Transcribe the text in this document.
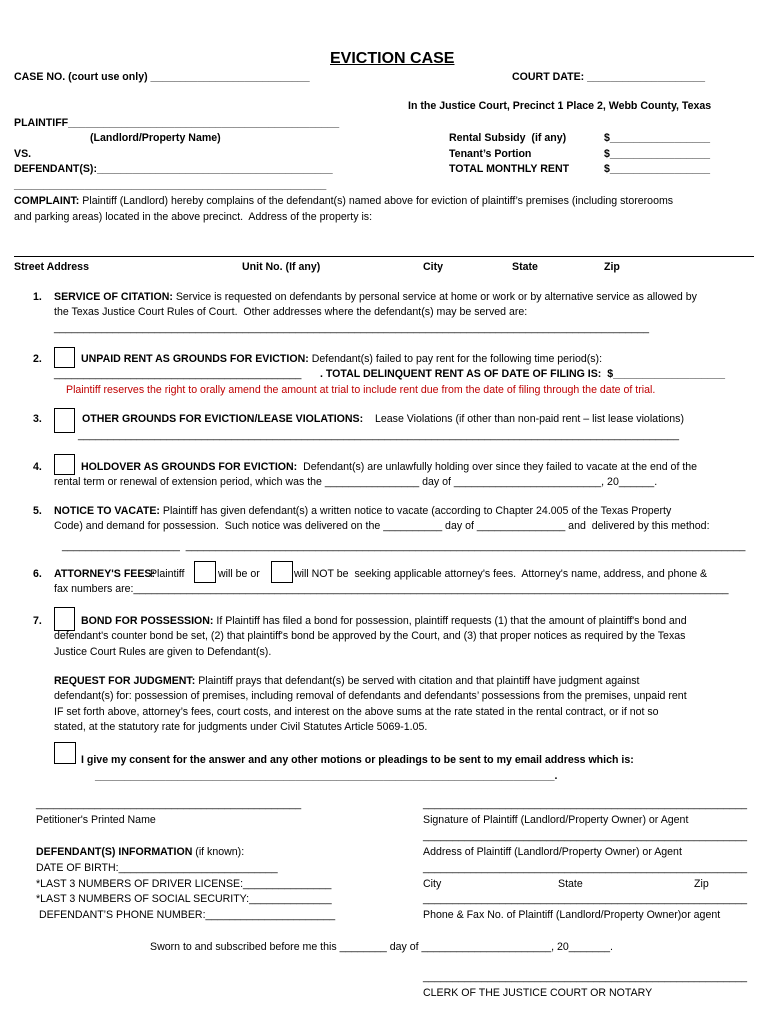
EVICTION CASE
CASE NO. (court use only) ___________________________	COURT DATE: ____________________
In the Justice Court, Precinct 1 Place 2, Webb County, Texas
PLAINTIFF______________________________________________
(Landlord/Property Name)
VS.
DEFENDANT(S):________________________________________
_____________________________________________________
Rental Subsidy  (if any)	$_________________
Tenant’s Portion	$_________________
TOTAL MONTHLY RENT	$_________________
COMPLAINT: Plaintiff (Landlord) hereby complains of the defendant(s) named above for eviction of plaintiff’s premises (including storerooms
and parking areas) located in the above precinct.  Address of the property is:
Street Address	Unit No. (If any)	City	State	Zip
1. SERVICE OF CITATION: Service is requested on defendants by personal service at home or work or by alternative service as allowed by
the Texas Justice Court Rules of Court.  Other addresses where the defendant(s) may be served are:
_____________________________________________________________________________________________________
2.	UNPAID RENT AS GROUNDS FOR EVICTION: Defendant(s) failed to pay rent for the following time period(s):
__________________________________________ . TOTAL DELINQUENT RENT AS OF DATE OF FILING IS:  $___________________
Plaintiff reserves the right to orally amend the amount at trial to include rent due from the date of filing through the date of trial.
3.	OTHER GROUNDS FOR EVICTION/LEASE VIOLATIONS: Lease Violations (if other than non-paid rent – list lease violations)
______________________________________________________________________________________________________
4.	HOLDOVER AS GROUNDS FOR EVICTION:  Defendant(s) are unlawfully holding over since they failed to vacate at the end of the
rental term or renewal of extension period, which was the ________________ day of _________________________, 20______.
5. NOTICE TO VACATE: Plaintiff has given defendant(s) a written notice to vacate (according to Chapter 24.005 of the Texas Property
Code) and demand for possession.  Such notice was delivered on the __________ day of _______________ and  delivered by this method:
____________________  _______________________________________________________________________________________________
6. ATTORNEY'S FEES:
Plaintiff	will be or	will NOT be  seeking applicable attorney's fees.  Attorney's name, address, and phone &
fax numbers are:_____________________________________________________________________________________________________
7.	BOND FOR POSSESSION: If Plaintiff has filed a bond for possession, plaintiff requests (1) that the amount of plaintiff's bond and
defendant's counter bond be set, (2) that plaintiff's bond be approved by the Court, and (3) that proper notices as required by the Texas
Justice Court Rules are given to Defendant(s).
REQUEST FOR JUDGMENT: Plaintiff prays that defendant(s) be served with citation and that plaintiff have judgment against
defendant(s) for: possession of premises, including removal of defendants and defendants’ possessions from the premises, unpaid rent
IF set forth above, attorney’s fees, court costs, and interest on the above sums at the rate stated in the rental contract, or if not so
stated, at the statutory rate for judgments under Civil Statutes Article 5069-1.05.
I give my consent for the answer and any other motions or pleadings to be sent to my email address which is:
______________________________________________________________________________.
_____________________________________________
Petitioner's Printed Name
DEFENDANT(S) INFORMATION (if known):
DATE OF BIRTH:___________________________
*LAST 3 NUMBERS OF DRIVER LICENSE:_______________
*LAST 3 NUMBERS OF SOCIAL SECURITY:______________
DEFENDANT’S PHONE NUMBER:______________________
_______________________________________________________
Signature of Plaintiff (Landlord/Property Owner) or Agent
_______________________________________________________
Address of Plaintiff (Landlord/Property Owner) or Agent
_______________________________________________________
City	State	Zip
_______________________________________________________
Phone & Fax No. of Plaintiff (Landlord/Property Owner)or agent
Sworn to and subscribed before me this ________ day of ______________________, 20_______.
_______________________________________________________
CLERK OF THE JUSTICE COURT OR NOTARY
